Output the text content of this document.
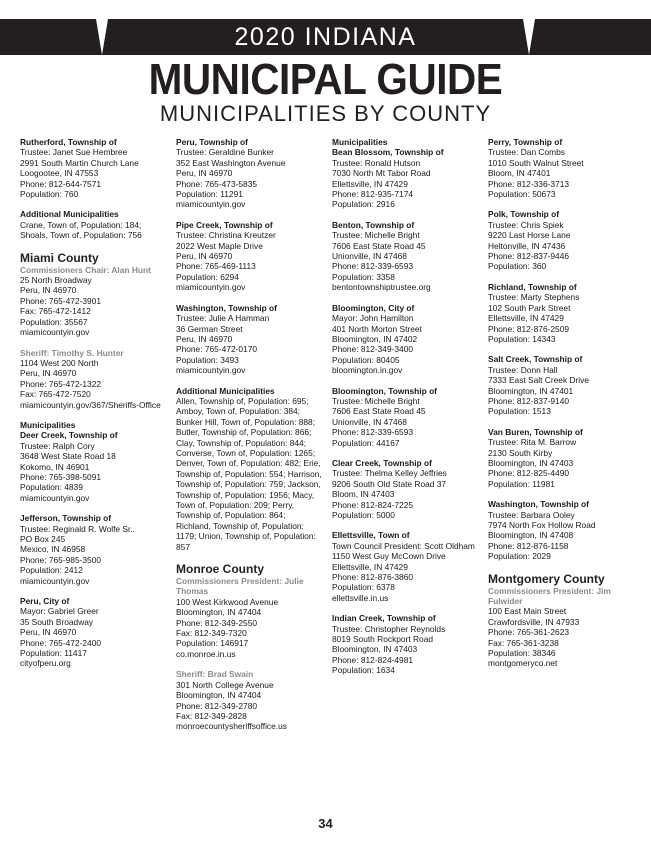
2020 INDIANA
MUNICIPAL GUIDE
MUNICIPALITIES BY COUNTY
Rutherford, Township of
Trustee: Janet Sue Hembree
2991 South Martin Church Lane
Loogootee, IN 47553
Phone: 812-644-7571
Population: 760
Additional Municipalities
Crane, Town of, Population: 184; Shoals, Town of, Population: 756
Miami County
Commissioners Chair: Alan Hunt
25 North Broadway
Peru, IN 46970
Phone: 765-472-3901
Fax: 765-472-1412
Population: 35567
miamicountyin.gov
Sheriff: Timothy S. Hunter
1104 West 200 North
Peru, IN 46970
Phone: 765-472-1322
Fax: 765-472-7520
miamicountyin.gov/367/Sheriffs-Office
Municipalities
Deer Creek, Township of
Trustee: Ralph Cory
3648 West State Road 18
Kokomo, IN 46901
Phone: 765-398-5091
Population: 4839
miamicountyin.gov
Jefferson, Township of
Trustee: Reginald R. Wolfe Sr..
PO Box 245
Mexico, IN 46958
Phone: 765-985-3500
Population: 2412
miamicountyin.gov
Peru, City of
Mayor: Gabriel Greer
35 South Broadway
Peru, IN 46970
Phone: 765-472-2400
Population: 11417
cityofperu.org
Peru, Township of
Trustee: Geraldine Bunker
352 East Washington Avenue
Peru, IN 46970
Phone: 765-473-5835
Population: 11291
miamicountyin.gov
Pipe Creek, Township of
Trustee: Christina Kreutzer
2022 West Maple Drive
Peru, IN 46970
Phone: 765-469-1113
Population: 6294
miamicountyin.gov
Washington, Township of
Trustee: Julie A Hamman
36 German Street
Peru, IN 46970
Phone: 765-472-0170
Population: 3493
miamicountyin.gov
Additional Municipalities
Allen, Township of, Population: 695; Amboy, Town of, Population: 384; Bunker Hill, Town of, Population: 888; Butler, Township of, Population: 866; Clay, Township of, Population: 844; Converse, Town of, Population: 1265; Denver, Town of, Population: 482; Erie, Township of, Population: 554; Harrison, Township of, Population: 759; Jackson, Township of, Population: 1956; Macy, Town of, Population: 209; Perry, Township of, Population: 864; Richland, Township of, Population: 1179; Union, Township of, Population: 857
Monroe County
Commissioners President: Julie Thomas
100 West Kirkwood Avenue
Bloomington, IN 47404
Phone: 812-349-2550
Fax: 812-349-7320
Population: 146917
co.monroe.in.us
Sheriff: Brad Swain
301 North College Avenue
Bloomington, IN 47404
Phone: 812-349-2780
Fax: 812-349-2828
monroecountysheriffsoffice.us
Municipalities
Bean Blossom, Township of
Trustee: Ronald Hutson
7030 North Mt Tabor Road
Ellettsville, IN 47429
Phone: 812-935-7174
Population: 2916
Benton, Township of
Trustee: Michelle Bright
7606 East State Road 45
Unionville, IN 47468
Phone: 812-339-6593
Population: 3358
bentontownshiptrustee.org
Bloomington, City of
Mayor: John Hamilton
401 North Morton Street
Bloomington, IN 47402
Phone: 812-349-3400
Population: 80405
bloomington.in.gov
Bloomington, Township of
Trustee: Michelle Bright
7606 East State Road 45
Unionville, IN 47468
Phone: 812-339-6593
Population: 44167
Clear Creek, Township of
Trustee: Thelma Kelley Jeffries
9206 South Old State Road 37
Bloom, IN 47403
Phone: 812-824-7225
Population: 5000
Ellettsville, Town of
Town Council President: Scott Oldham
1150 West Guy McCown Drive
Ellettsville, IN 47429
Phone: 812-876-3860
Population: 6378
ellettsville.in.us
Indian Creek, Township of
Trustee: Christopher Reynolds
8019 South Rockport Road
Bloomington, IN 47403
Phone: 812-824-4981
Population: 1634
Perry, Township of
Trustee: Dan Combs
1010 South Walnut Street
Bloom, IN 47401
Phone: 812-336-3713
Population: 50673
Polk, Township of
Trustee: Chris Spiek
9220 Last Horse Lane
Heltonville, IN 47436
Phone: 812-837-9446
Population: 360
Richland, Township of
Trustee: Marty Stephens
102 South Park Street
Ellettsville, IN 47429
Phone: 812-876-2509
Population: 14343
Salt Creek, Township of
Trustee: Donn Hall
7333 East Salt Creek Drive
Bloomington, IN 47401
Phone: 812-837-9140
Population: 1513
Van Buren, Township of
Trustee: Rita M. Barrow
2130 South Kirby
Bloomington, IN 47403
Phone: 812-825-4490
Population: 11981
Washington, Township of
Trustee: Barbara Ooley
7974 North Fox Hollow Road
Bloomington, IN 47408
Phone: 812-876-1158
Population: 2029
Montgomery County
Commissioners President: Jim Fulwider
100 East Main Street
Crawfordsville, IN 47933
Phone: 765-361-2623
Fax: 765-361-3238
Population: 38346
montgomeryco.net
34
